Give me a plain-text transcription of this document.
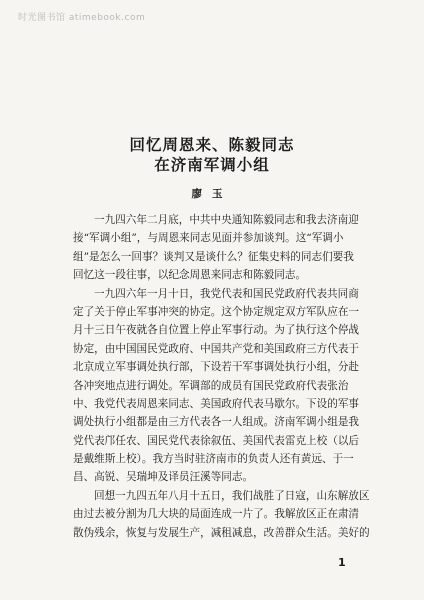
时光图书馆 atimebook.com
回忆周恩来、陈毅同志
在济南军调小组
廖玉
一九四六年二月底，中共中央通知陈毅同志和我去济南迎
接“军调小组”，与周恩来同志见面并参加谈判。这“军调小
组”是怎么一回事？谈判又是谈什么？征集史料的同志们要我
回忆这一段往事，以纪念周恩来同志和陈毅同志。
一九四六年一月十日，我党代表和国民党政府代表共同商
定了关于停止军事冲突的协定。这个协定规定双方军队应在一
月十三日午夜就各自位置上停止军事行动。为了执行这个停战
协定，由中国国民党政府、中国共产党和美国政府三方代表于
北京成立军事调处执行部，下设若干军事调处执行小组，分赴
各冲突地点进行调处。军调部的成员有国民党政府代表张治
中、我党代表周恩来同志、美国政府代表马歇尔。下设的军事
调处执行小组都是由三方代表各一人组成。济南军调小组是我
党代表邝任农、国民党代表徐叙伍、美国代表雷克上校（以后
是戴维斯上校）。我方当时驻济南市的负责人还有黄远、于一
昌、高锐、吴瑞坤及译员汪溪等同志。
回想一九四五年八月十五日，我们战胜了日寇，山东解放区
由过去被分割为几大块的局面连成一片了。我解放区正在肃清
散伪残余，恢复与发展生产，减租减息，改善群众生活。美好的
1
